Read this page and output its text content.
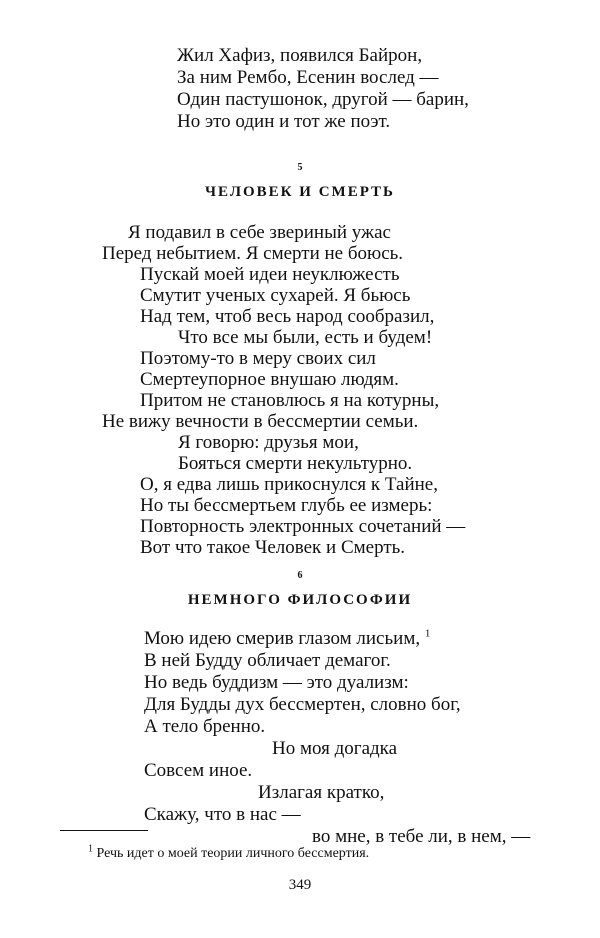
Жил Хафиз, появился Байрон,
За ним Рембо, Есенин вослед —
Один пастушонок, другой — барин,
Но это один и тот же поэт.
5
ЧЕЛОВЕК И СМЕРТЬ
Я подавил в себе звериный ужас
Перед небытием. Я смерти не боюсь.
Пускай моей идеи неуклюжесть
Смутит ученых сухарей. Я бьюсь
Над тем, чтоб весь народ сообразил,
Что все мы были, есть и будем!
Поэтому-то в меру своих сил
Смертеупорное внушаю людям.
Притом не становлюсь я на котурны,
Не вижу вечности в бессмертии семьи.
Я говорю: друзья мои,
Бояться смерти некультурно.
О, я едва лишь прикоснулся к Тайне,
Но ты бессмертьем глубь ее измерь:
Повторность электронных сочетаний —
Вот что такое Человек и Смерть.
6
НЕМНОГО ФИЛОСОФИИ
Мою идею смерив глазом лисьим, $^1$
В ней Будду обличает демагог.
Но ведь буддизм — это дуализм:
Для Будды дух бессмертен, словно бог,
А тело бренно.
Но моя догадка
Совсем иное.
Излагая кратко,
Скажу, что в нас —
во мне, в тебе ли, в нем, —
$^1$ Речь идет о моей теории личного бессмертия.
349
